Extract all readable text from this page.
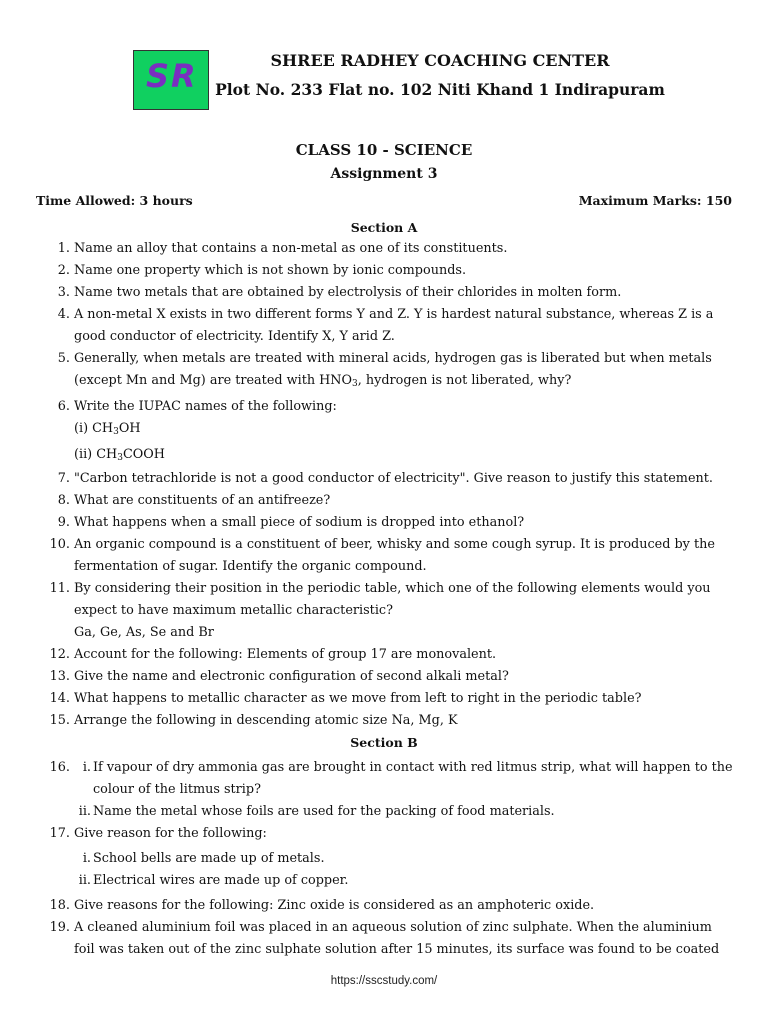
SR	SHREE RADHEY COACHING CENTER
Plot No. 233 Flat no. 102 Niti Khand 1 Indirapuram
CLASS 10 - SCIENCE
Assignment 3
Time Allowed: 3 hours	Maximum Marks: 150
Section A
1. Name an alloy that contains a non-metal as one of its constituents.
2. Name one property which is not shown by ionic compounds.
3. Name two metals that are obtained by electrolysis of their chlorides in molten form.
4. A non-metal X exists in two different forms Y and Z. Y is hardest natural substance, whereas Z is a
good conductor of electricity. Identify X, Y arid Z.
5. Generally, when metals are treated with mineral acids, hydrogen gas is liberated but when metals
(except Mn and Mg) are treated with $HNO_3$, hydrogen is not liberated, why?
6. Write the IUPAC names of the following:
(i) $CH_3OH$
(ii) $CH_3COOH$
7. "Carbon tetrachloride is not a good conductor of electricity". Give reason to justify this statement.
8. What are constituents of an antifreeze?
9. What happens when a small piece of sodium is dropped into ethanol?
10. An organic compound is a constituent of beer, whisky and some cough syrup. It is produced by the
fermentation of sugar. Identify the organic compound.
11. By considering their position in the periodic table, which one of the following elements would you
expect to have maximum metallic characteristic?
Ga, Ge, As, Se and Br
12. Account for the following: Elements of group 17 are monovalent.
13. Give the name and electronic configuration of second alkali metal?
14. What happens to metallic character as we move from left to right in the periodic table?
15. Arrange the following in descending atomic size Na, Mg, K
Section B
16. i. If vapour of dry ammonia gas are brought in contact with red litmus strip, what will happen to the
colour of the litmus strip?
ii. Name the metal whose foils are used for the packing of food materials.
17. Give reason for the following:
i. School bells are made up of metals.
ii. Electrical wires are made up of copper.
18. Give reasons for the following: Zinc oxide is considered as an amphoteric oxide.
19. A cleaned aluminium foil was placed in an aqueous solution of zinc sulphate. When the aluminium
foil was taken out of the zinc sulphate solution after 15 minutes, its surface was found to be coated
https://sscstudy.com/
